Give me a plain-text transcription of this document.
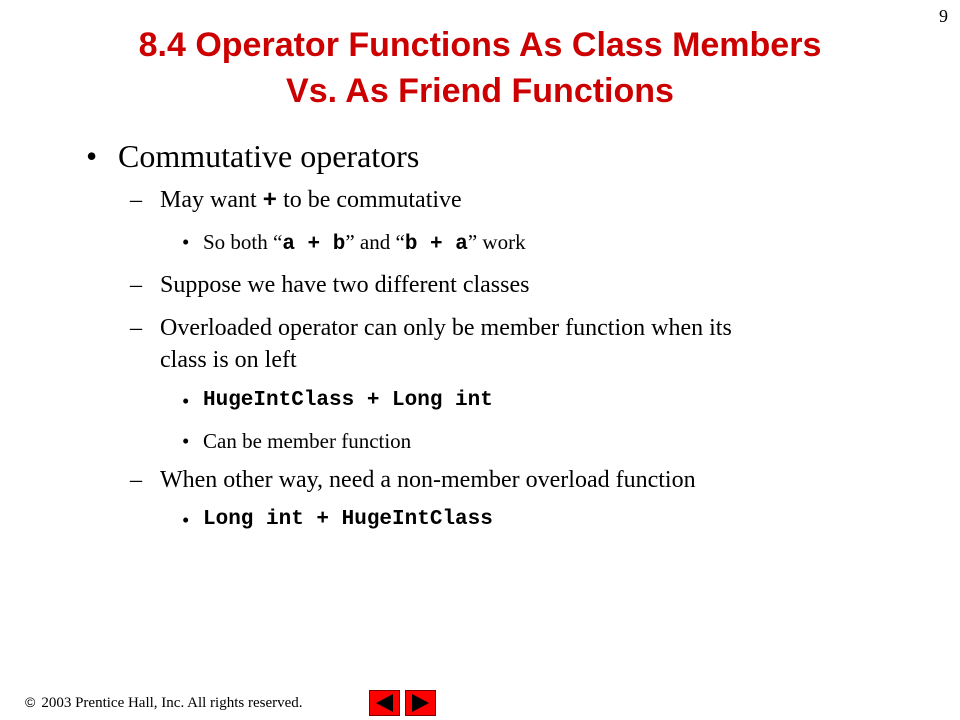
9
8.4 Operator Functions As Class Members
Vs. As Friend Functions
• Commutative operators
– May want + to be commutative
• So both “a + b” and “b + a” work
– Suppose we have two different classes
– Overloaded operator can only be member function when its
class is on left
• HugeIntClass + Long int
• Can be member function
– When other way, need a non-member overload function
• Long int + HugeIntClass
© 2003 Prentice Hall, Inc. All rights reserved.
